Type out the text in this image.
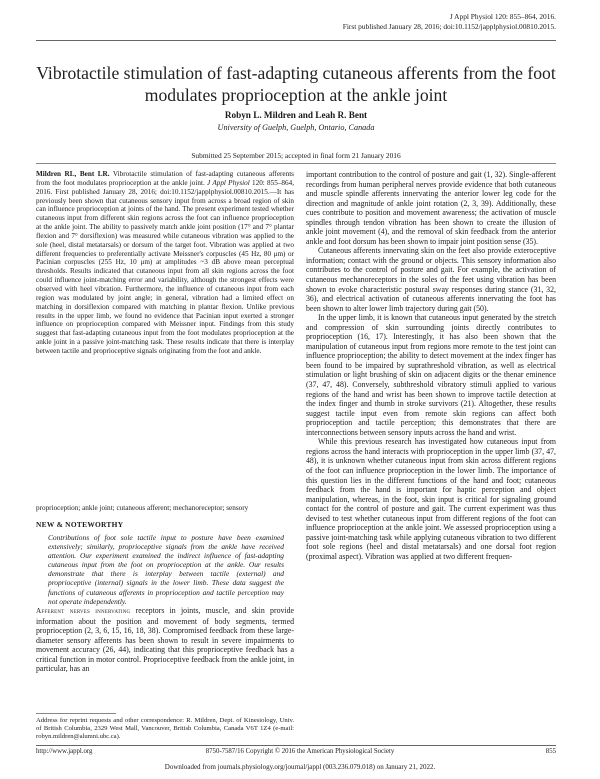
J Appl Physiol 120: 855–864, 2016.
First published January 28, 2016; doi:10.1152/japplphysiol.00810.2015.
Vibrotactile stimulation of fast-adapting cutaneous afferents from the foot modulates proprioception at the ankle joint
Robyn L. Mildren and Leah R. Bent
University of Guelph, Guelph, Ontario, Canada
Submitted 25 September 2015; accepted in final form 21 January 2016
Mildren RL, Bent LR. Vibrotactile stimulation of fast-adapting cutaneous afferents from the foot modulates proprioception at the ankle joint. J Appl Physiol 120: 855–864, 2016. First published January 28, 2016; doi:10.1152/japplphysiol.00810.2015.—It has previously been shown that cutaneous sensory input from across a broad region of skin can influence proprioception at joints of the hand. The present experiment tested whether cutaneous input from different skin regions across the foot can influence proprioception at the ankle joint. The ability to passively match ankle joint position (17° and 7° plantar flexion and 7° dorsiflexion) was measured while cutaneous vibration was applied to the sole (heel, distal metatarsals) or dorsum of the target foot. Vibration was applied at two different frequencies to preferentially activate Meissner's corpuscles (45 Hz, 80 μm) or Pacinian corpuscles (255 Hz, 10 μm) at amplitudes ~3 dB above mean perceptual thresholds. Results indicated that cutaneous input from all skin regions across the foot could influence joint-matching error and variability, although the strongest effects were observed with heel vibration. Furthermore, the influence of cutaneous input from each region was modulated by joint angle; in general, vibration had a limited effect on matching in dorsiflexion compared with matching in plantar flexion. Unlike previous results in the upper limb, we found no evidence that Pacinian input exerted a stronger influence on proprioception compared with Meissner input. Findings from this study suggest that fast-adapting cutaneous input from the foot modulates proprioception at the ankle joint in a passive joint-matching task. These results indicate that there is interplay between tactile and proprioceptive signals originating from the foot and ankle.
proprioception; ankle joint; cutaneous afferent; mechanoreceptor; sensory
NEW & NOTEWORTHY
Contributions of foot sole tactile input to posture have been examined extensively; similarly, proprioceptive signals from the ankle have received attention. Our experiment examined the indirect influence of fast-adapting cutaneous input from the foot on proprioception at the ankle. Our results demonstrate that there is interplay between tactile (external) and proprioceptive (internal) signals in the lower limb. These data suggest the functions of cutaneous afferents in proprioception and tactile perception may not operate independently.
Afferent nerves innervating receptors in joints, muscle, and skin provide information about the position and movement of body segments, termed proprioception (2, 3, 6, 15, 16, 18, 38). Compromised feedback from these large-diameter sensory afferents has been shown to result in severe impairments to movement accuracy (26, 44), indicating that this proprioceptive feedback has a critical function in motor control. Proprioceptive feedback from the ankle joint, in particular, has an

important contribution to the control of posture and gait (1, 32). Single-afferent recordings from human peripheral nerves provide evidence that both cutaneous and muscle spindle afferents innervating the anterior lower leg code for the direction and magnitude of ankle joint rotation (2, 3, 39). Additionally, these cues contribute to position and movement awareness; the activation of muscle spindles through tendon vibration has been shown to create the illusion of ankle joint movement (4), and the removal of skin feedback from the anterior ankle and foot dorsum has been shown to impair joint position sense (35).

Cutaneous afferents innervating skin on the feet also provide exteroceptive information; contact with the ground or objects. This sensory information also contributes to the control of posture and gait. For example, the activation of cutaneous mechanoreceptors in the soles of the feet using vibration has been shown to evoke characteristic postural sway responses during stance (31, 32, 36), and electrical activation of cutaneous afferents innervating the foot has been shown to alter lower limb trajectory during gait (50).

In the upper limb, it is known that cutaneous input generated by the stretch and compression of skin surrounding joints directly contributes to proprioception (16, 17). Interestingly, it has also been shown that the manipulation of cutaneous input from regions more remote to the test joint can influence proprioception; the ability to detect movement at the index finger has been found to be impaired by suprathreshold vibration, as well as electrical stimulation or light brushing of skin on adjacent digits or the thenar eminence (37, 47, 48). Conversely, subthreshold vibratory stimuli applied to various regions of the hand and wrist has been shown to improve tactile detection at the index finger and thumb in stroke survivors (21). Altogether, these results suggest tactile input even from remote skin regions can affect both proprioception and tactile perception; this demonstrates that there are interconnections between sensory inputs across the hand and wrist.

While this previous research has investigated how cutaneous input from regions across the hand interacts with proprioception in the upper limb (37, 47, 48), it is unknown whether cutaneous input from skin across different regions of the foot can influence proprioception in the lower limb. The importance of this question lies in the different functions of the hand and foot; cutaneous feedback from the hand is important for haptic perception and object manipulation, whereas, in the foot, skin input is critical for signaling ground contact for the control of posture and gait. The current experiment was thus devised to test whether cutaneous input from different regions of the foot can influence proprioception at the ankle joint. We assessed proprioception using a passive joint-matching task while applying cutaneous vibration to two different foot sole regions (heel and distal metatarsals) and one dorsal foot region (proximal aspect). Vibration was applied at two different frequen-

Address for reprint requests and other correspondence: R. Mildren, Dept. of Kinesiology, Univ. of British Columbia, 2329 West Mall, Vancouver, British Columbia, Canada V6T 1Z4 (e-mail: robyn.mildren@alumni.ubc.ca).
http://www.jappl.org	8750-7587/16 Copyright © 2016 the American Physiological Society	855
Downloaded from journals.physiology.org/journal/jappl (003.236.079.018) on January 21, 2022.
